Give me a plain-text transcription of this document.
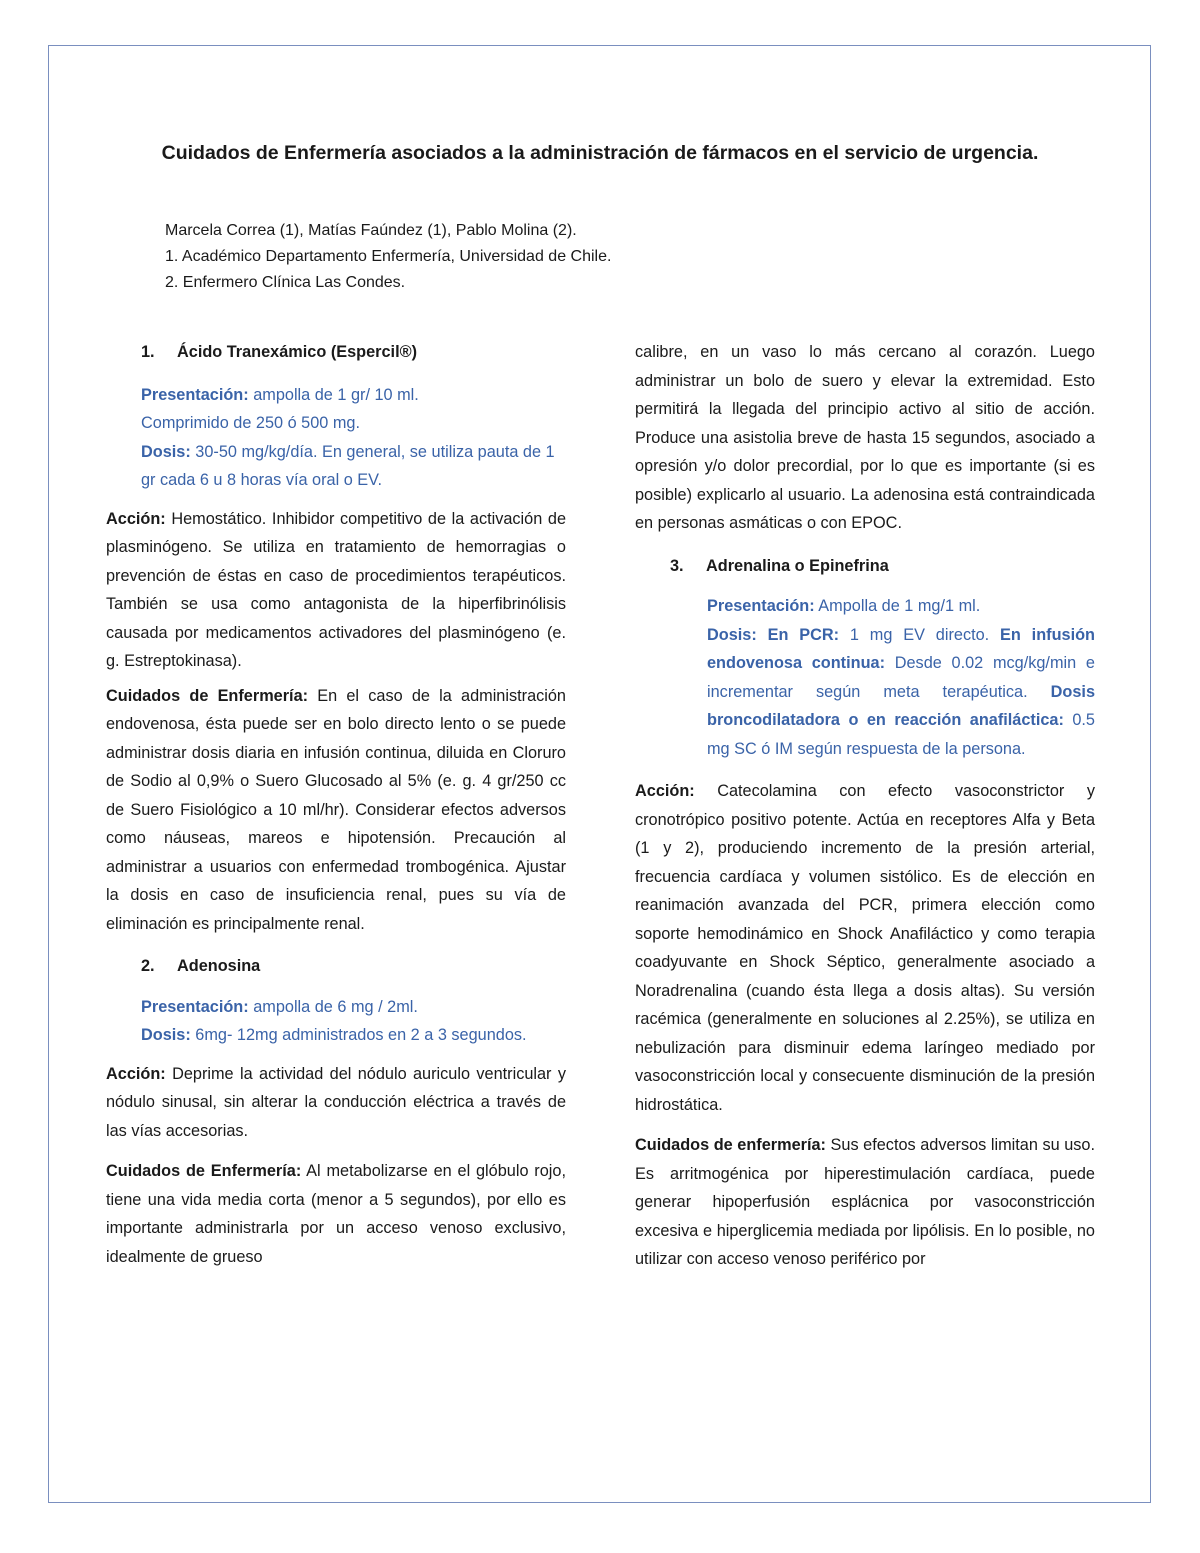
Cuidados de Enfermería asociados a la administración de fármacos en el servicio de urgencia.
Marcela Correa (1), Matías Faúndez (1), Pablo Molina (2).
1. Académico Departamento Enfermería, Universidad de Chile.
2. Enfermero Clínica Las Condes.

1. Ácido Tranexámico (Espercil®)

Presentación: ampolla de 1 gr/ 10 ml.

Comprimido de 250 ó 500 mg.

Dosis: 30-50 mg/kg/día. En general, se utiliza pauta de 1 gr cada 6 u 8 horas vía oral o EV.

Acción: Hemostático. Inhibidor competitivo de la activación de plasminógeno. Se utiliza en tratamiento de hemorragias o prevención de éstas en caso de procedimientos terapéuticos. También se usa como antagonista de la hiperfibrinólisis causada por medicamentos activadores del plasminógeno (e. g. Estreptokinasa).

Cuidados de Enfermería: En el caso de la administración endovenosa, ésta puede ser en bolo directo lento o se puede administrar dosis diaria en infusión continua, diluida en Cloruro de Sodio al 0,9% o Suero Glucosado al 5% (e. g. 4 gr/250 cc de Suero Fisiológico a 10 ml/hr). Considerar efectos adversos como náuseas, mareos e hipotensión. Precaución al administrar a usuarios con enfermedad trombogénica. Ajustar la dosis en caso de insuficiencia renal, pues su vía de eliminación es principalmente renal.

2. Adenosina

Presentación: ampolla de 6 mg / 2ml.

Dosis: 6mg- 12mg administrados en 2 a 3 segundos.

Acción: Deprime la actividad del nódulo auriculo ventricular y nódulo sinusal, sin alterar la conducción eléctrica a través de las vías accesorias.

Cuidados de Enfermería: Al metabolizarse en el glóbulo rojo, tiene una vida media corta (menor a 5 segundos), por ello es importante administrarla por un acceso venoso exclusivo, idealmente de grueso

calibre, en un vaso lo más cercano al corazón. Luego administrar un bolo de suero y elevar la extremidad. Esto permitirá la llegada del principio activo al sitio de acción. Produce una asistolia breve de hasta 15 segundos, asociado a opresión y/o dolor precordial, por lo que es importante (si es posible) explicarlo al usuario. La adenosina está contraindicada en personas asmáticas o con EPOC.

3. Adrenalina o Epinefrina

Presentación: Ampolla de 1 mg/1 ml.

Dosis: En PCR: 1 mg EV directo. En infusión endovenosa continua: Desde 0.02 mcg/kg/min e incrementar según meta terapéutica. Dosis broncodilatadora o en reacción anafiláctica: 0.5 mg SC ó IM según respuesta de la persona.

Acción: Catecolamina con efecto vasoconstrictor y cronotrópico positivo potente. Actúa en receptores Alfa y Beta (1 y 2), produciendo incremento de la presión arterial, frecuencia cardíaca y volumen sistólico. Es de elección en reanimación avanzada del PCR, primera elección como soporte hemodinámico en Shock Anafiláctico y como terapia coadyuvante en Shock Séptico, generalmente asociado a Noradrenalina (cuando ésta llega a dosis altas). Su versión racémica (generalmente en soluciones al 2.25%), se utiliza en nebulización para disminuir edema laríngeo mediado por vasoconstricción local y consecuente disminución de la presión hidrostática.

Cuidados de enfermería: Sus efectos adversos limitan su uso. Es arritmogénica por hiperestimulación cardíaca, puede generar hipoperfusión esplácnica por vasoconstricción excesiva e hiperglicemia mediada por lipólisis. En lo posible, no utilizar con acceso venoso periférico por
